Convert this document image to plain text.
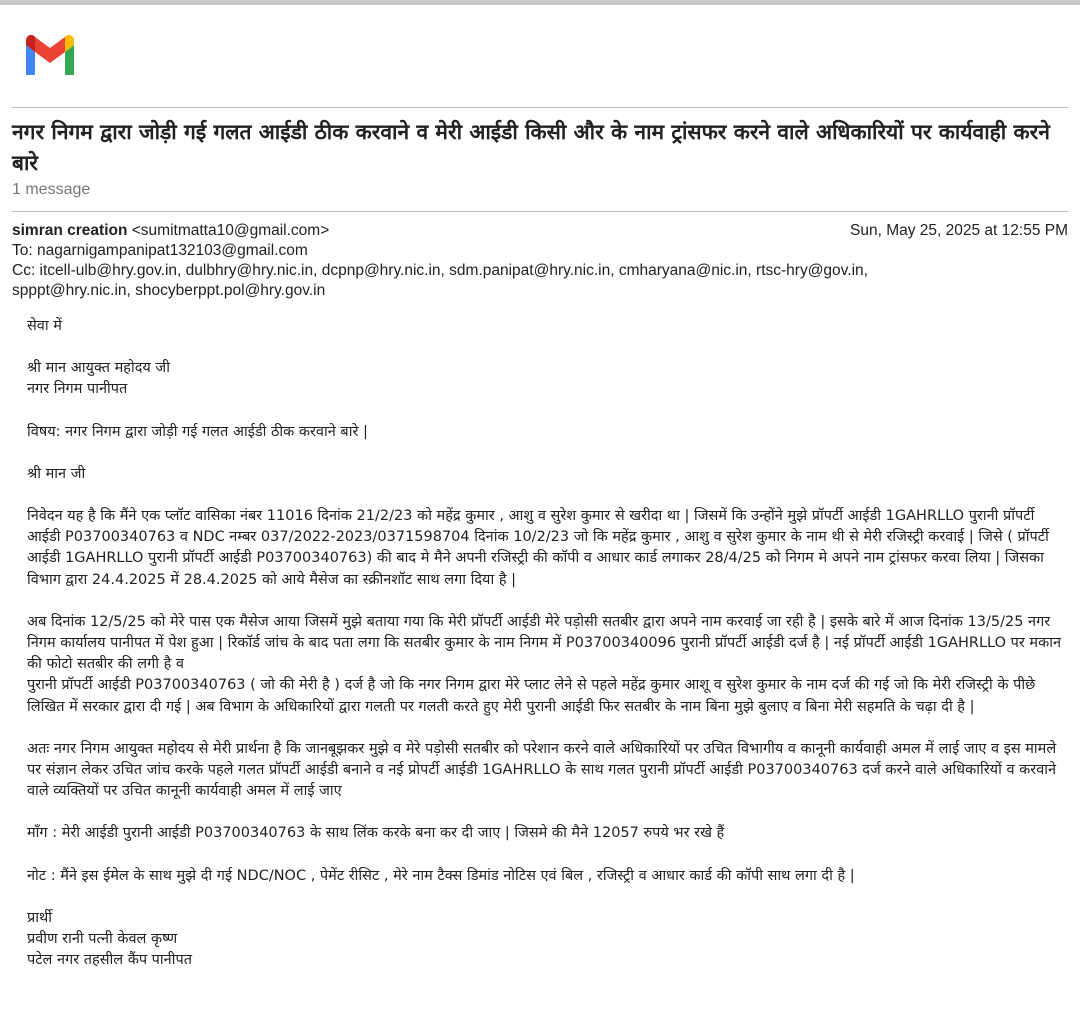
नगर निगम द्वारा जोड़ी गई गलत आईडी ठीक करवाने व मेरी आईडी किसी और के नाम ट्रांसफर करने वाले अधिकारियों पर कार्यवाही करने बारे
1 message
simran creation <sumitmatta10@gmail.com>	Sun, May 25, 2025 at 12:55 PM
To: nagarnigampanipat132103@gmail.com
Cc: itcell-ulb@hry.gov.in, dulbhry@hry.nic.in, dcpnp@hry.nic.in, sdm.panipat@hry.nic.in, cmharyana@nic.in, rtsc-hry@gov.in,
spppt@hry.nic.in, shocyberppt.pol@hry.gov.in

सेवा में

श्री मान आयुक्त महोदय जी
नगर निगम पानीपत

विषय: नगर निगम द्वारा जोड़ी गई गलत आईडी ठीक करवाने बारे |

श्री मान जी

निवेदन यह है कि मैंने एक प्लॉट वासिका नंबर 11016 दिनांक 21/2/23 को महेंद्र कुमार , आशु व सुरेश कुमार से खरीदा था | जिसमें कि उन्होंने मुझे प्रॉपर्टी आईडी 1GAHRLLO पुरानी प्रॉपर्टी आईडी P03700340763 व NDC नम्बर 037/2022-2023/0371598704 दिनांक 10/2/23 जो कि महेंद्र कुमार , आशु व सुरेश कुमार के नाम थी से मेरी रजिस्ट्री करवाई | जिसे ( प्रॉपर्टी आईडी 1GAHRLLO पुरानी प्रॉपर्टी आईडी P03700340763) की बाद मे मैने अपनी रजिस्ट्री की कॉपी व आधार कार्ड लगाकर 28/4/25 को निगम मे अपने नाम ट्रांसफर करवा लिया | जिसका विभाग द्वारा 24.4.2025 में 28.4.2025 को आये मैसेज का स्क्रीनशॉट साथ लगा दिया है |

अब दिनांक 12/5/25 को मेरे पास एक मैसेज आया जिसमें मुझे बताया गया कि मेरी प्रॉपर्टी आईडी मेरे पड़ोसी सतबीर द्वारा अपने नाम करवाई जा रही है | इसके बारे में आज दिनांक 13/5/25 नगर निगम कार्यालय पानीपत में पेश हुआ | रिकॉर्ड जांच के बाद पता लगा कि सतबीर कुमार के नाम निगम में P03700340096 पुरानी प्रॉपर्टी आईडी दर्ज है | नई प्रॉपर्टी आईडी 1GAHRLLO पर मकान की फोटो सतबीर की लगी है व
पुरानी प्रॉपर्टी आईडी P03700340763 ( जो की मेरी है ) दर्ज है जो कि नगर निगम द्वारा मेरे प्लाट लेने से पहले महेंद्र कुमार आशू व सुरेश कुमार के नाम दर्ज की गई जो कि मेरी रजिस्ट्री के पीछे लिखित में सरकार द्वारा दी गई | अब विभाग के अधिकारियों द्वारा गलती पर गलती करते हुए मेरी पुरानी आईडी फिर सतबीर के नाम बिना मुझे बुलाए व बिना मेरी सहमति के चढ़ा दी है |

अतः नगर निगम आयुक्त महोदय से मेरी प्रार्थना है कि जानबूझकर मुझे व मेरे पड़ोसी सतबीर को परेशान करने वाले अधिकारियों पर उचित विभागीय व कानूनी कार्यवाही अमल में लाई जाए व इस मामले पर संज्ञान लेकर उचित जांच करके पहले गलत प्रॉपर्टी आईडी बनाने व नई प्रोपर्टी आईडी 1GAHRLLO के साथ गलत पुरानी प्रॉपर्टी आईडी P03700340763 दर्ज करने वाले अधिकारियों व करवाने वाले व्यक्तियों पर उचित कानूनी कार्यवाही अमल में लाई जाए

माँग : मेरी आईडी पुरानी आईडी P03700340763 के साथ लिंक करके बना कर दी जाए | जिसमे की मैने 12057 रुपये भर रखे हैं

नोट : मैंने इस ईमेल के साथ मुझे दी गई NDC/NOC , पेमेंट रीसिट , मेरे नाम टैक्स डिमांड नोटिस एवं बिल , रजिस्ट्री व आधार कार्ड की कॉपी साथ लगा दी है |

प्रार्थी
प्रवीण रानी पत्नी केवल कृष्ण
पटेल नगर तहसील कैंप पानीपत
